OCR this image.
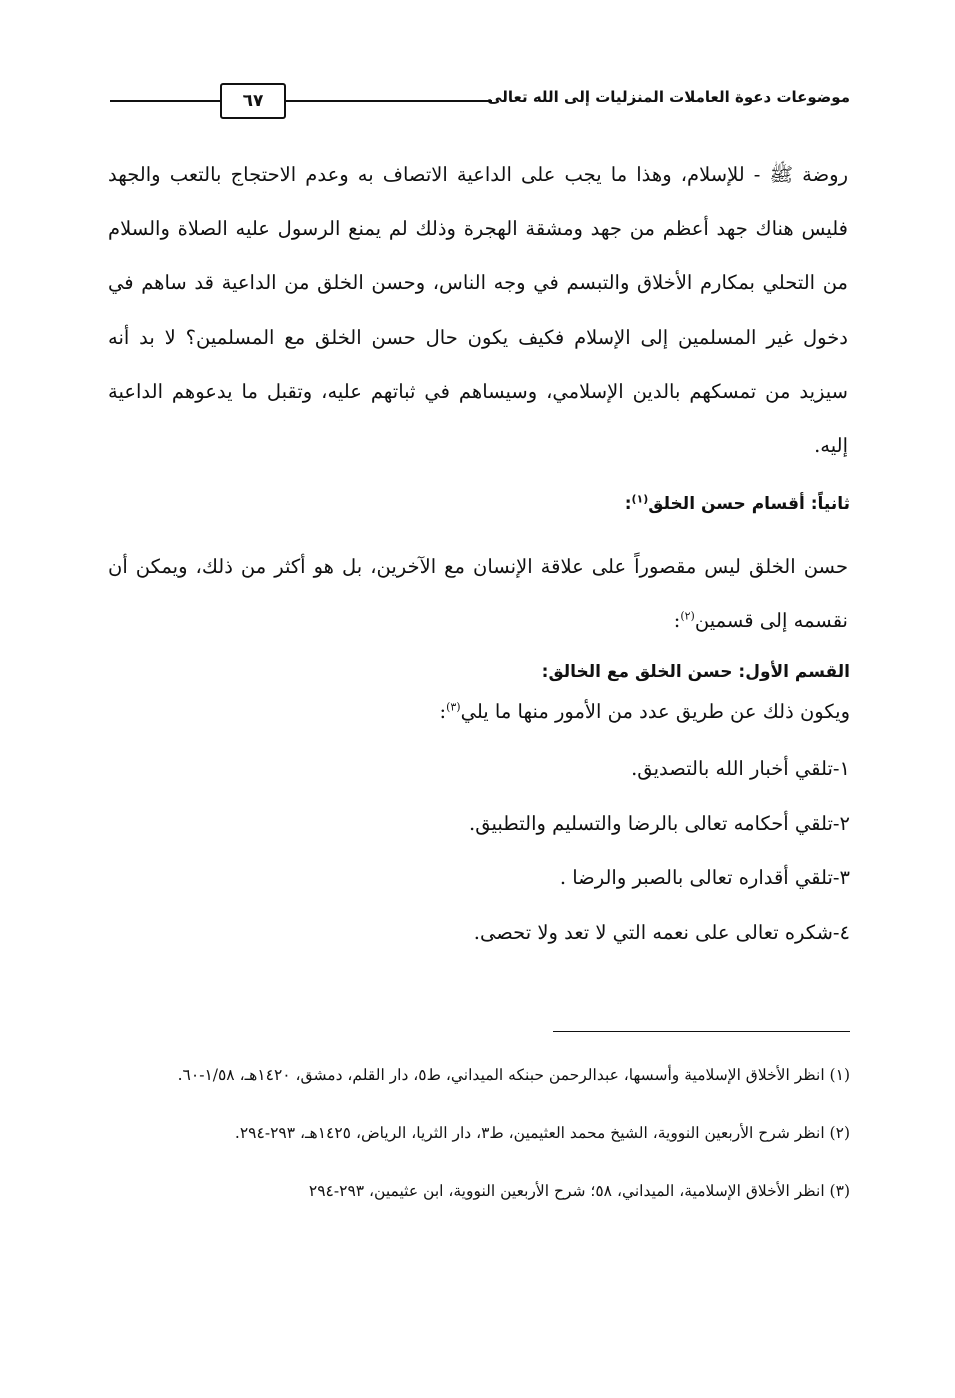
موضوعات دعوة العاملات المنزليات إلى الله تعالى
٦٧

روضة ﷺ - للإسلام، وهذا ما يجب على الداعية الاتصاف به وعدم الاحتجاج بالتعب والجهد فليس هناك جهد أعظم من جهد ومشقة الهجرة وذلك لم يمنع الرسول عليه الصلاة والسلام من التحلي بمكارم الأخلاق والتبسم في وجه الناس، وحسن الخلق من الداعية قد ساهم في دخول غير المسلمين إلى الإسلام فكيف يكون حال حسن الخلق مع المسلمين؟ لا بد أنه سيزيد من تمسكهم بالدين الإسلامي، وسيساهم في ثباتهم عليه، وتقبل ما يدعوهم الداعية إليه.

ثانياً: أقسام حسن الخلق$^{(١)}$:
حسن الخلق ليس مقصوراً على علاقة الإنسان مع الآخرين، بل هو أكثر من ذلك، ويمكن أن نقسمه إلى قسمين$^{(٢)}$:
القسم الأول: حسن الخلق مع الخالق:
ويكون ذلك عن طريق عدد من الأمور منها ما يلي$^{(٣)}$:
١-تلقي أخبار الله بالتصديق.
٢-تلقي أحكامه تعالى بالرضا والتسليم والتطبيق.
٣-تلقي أقداره تعالى بالصبر والرضا .
٤-شكره تعالى على نعمه التي لا تعد ولا تحصى.

(١) انظر الأخلاق الإسلامية وأسسها، عبدالرحمن حبنكه الميداني، ط٥، دار القلم، دمشق، ١٤٢٠هـ، ١/٥٨-٦٠.

(٢) انظر شرح الأربعين النووية، الشيخ محمد العثيمين، ط٣، دار الثريا، الرياض، ١٤٢٥هـ، ٢٩٣-٢٩٤.

(٣) انظر الأخلاق الإسلامية، الميداني، ٥٨؛ شرح الأربعين النووية، ابن عثيمين، ٢٩٣-٢٩٤
